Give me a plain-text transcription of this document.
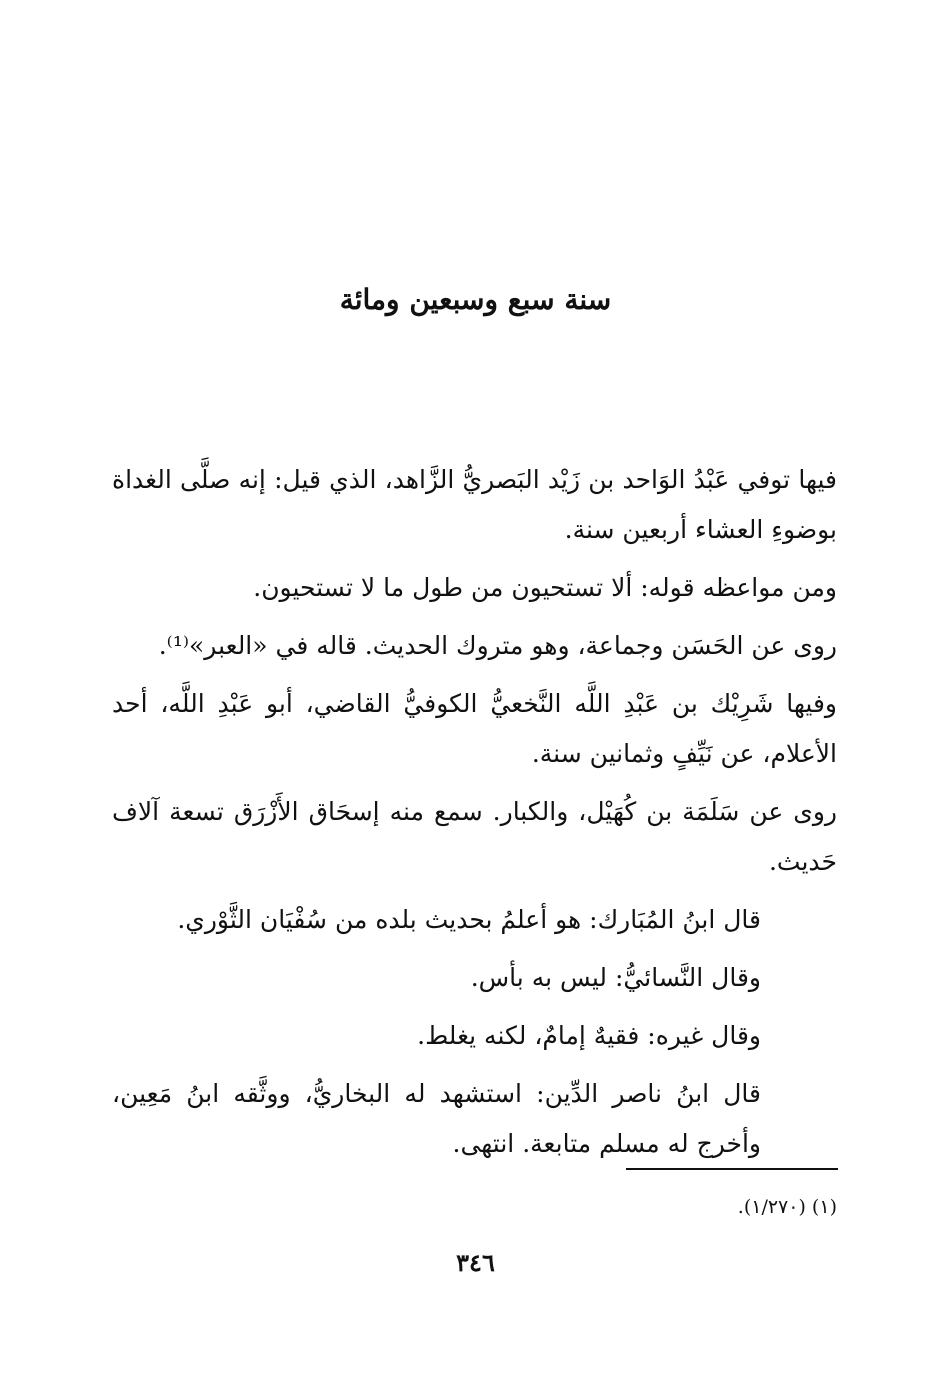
سنة سبع وسبعين ومائة

فيها توفي عَبْدُ الوَاحد بن زَيْد البَصريُّ الزَّاهد، الذي قيل: إنه صلَّى الغداة بوضوءِ العشاء أربعين سنة.

ومن مواعظه قوله: ألا تستحيون من طول ما لا تستحيون.

روى عن الحَسَن وجماعة، وهو متروك الحديث. قاله في «العبر»⁽¹⁾.

وفيها شَرِيْك بن عَبْدِ اللَّه النَّخعيُّ الكوفيُّ القاضي، أبو عَبْدِ اللَّه، أحد الأعلام، عن نَيِّفٍ وثمانين سنة.

روى عن سَلَمَة بن كُهَيْل، والكبار. سمع منه إسحَاق الأَزْرَق تسعة آلاف حَديث.

قال ابنُ المُبَارك: هو أعلمُ بحديث بلده من سُفْيَان الثَّوْري.

وقال النَّسائيُّ: ليس به بأس.

وقال غيره: فقيهٌ إمامٌ، لكنه يغلط.

قال ابنُ ناصر الدِّين: استشهد له البخاريُّ، ووثَّقه ابنُ مَعِين، وأخرج له مسلم متابعة. انتهى.

(١) (١/٢٧٠).

٣٤٦
